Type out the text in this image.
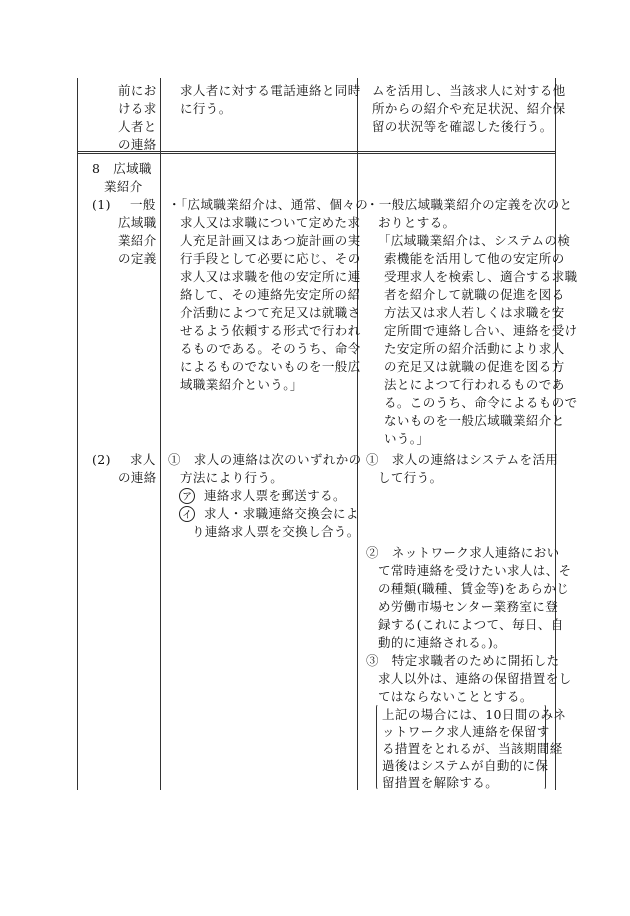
前にお
ける求
人者と
の連絡
求人者に対する電話連絡と同時
に行う。
ムを活用し、当該求人に対する他
所からの紹介や充足状況、紹介保
留の状況等を確認した後行う。
8　広域職
業紹介
(1) 一般
広域職
業紹介
の定義
・「広域職業紹介は、通常、個々の
求人又は求職について定めた求
人充足計画又はあつ旋計画の実
行手段として必要に応じ、その
求人又は求職を他の安定所に連
絡して、その連絡先安定所の紹
介活動によつて充足又は就職さ
せるよう依頼する形式で行われ
るものである。そのうち、命令
によるものでないものを一般広
域職業紹介という。」
・一般広域職業紹介の定義を次のと
おりとする。
「広域職業紹介は、システムの検
索機能を活用して他の安定所の
受理求人を検索し、適合する求職
者を紹介して就職の促進を図る
方法又は求人若しくは求職を安
定所間で連絡し合い、連絡を受け
た安定所の紹介活動により求人
の充足又は就職の促進を図る方
法とによつて行われるものであ
る。このうち、命令によるもので
ないものを一般広域職業紹介と
いう。」
(2) 求人
の連絡
①　求人の連絡は次のいずれかの
方法により行う。
ア 連絡求人票を郵送する。
イ 求人・求職連絡交換会によ
り連絡求人票を交換し合う。
①　求人の連絡はシステムを活用
して行う。
②　ネットワーク求人連絡におい
て常時連絡を受けたい求人は、そ
の種類(職種、賃金等)をあらかじ
め労働市場センター業務室に登
録する(これによつて、毎日、自
動的に連絡される。)。
③　特定求職者のために開拓した
求人以外は、連絡の保留措置をし
てはならないこととする。
上記の場合には、10日間のみネ
ットワーク求人連絡を保留す
る措置をとれるが、当該期間経
過後はシステムが自動的に保
留措置を解除する。
